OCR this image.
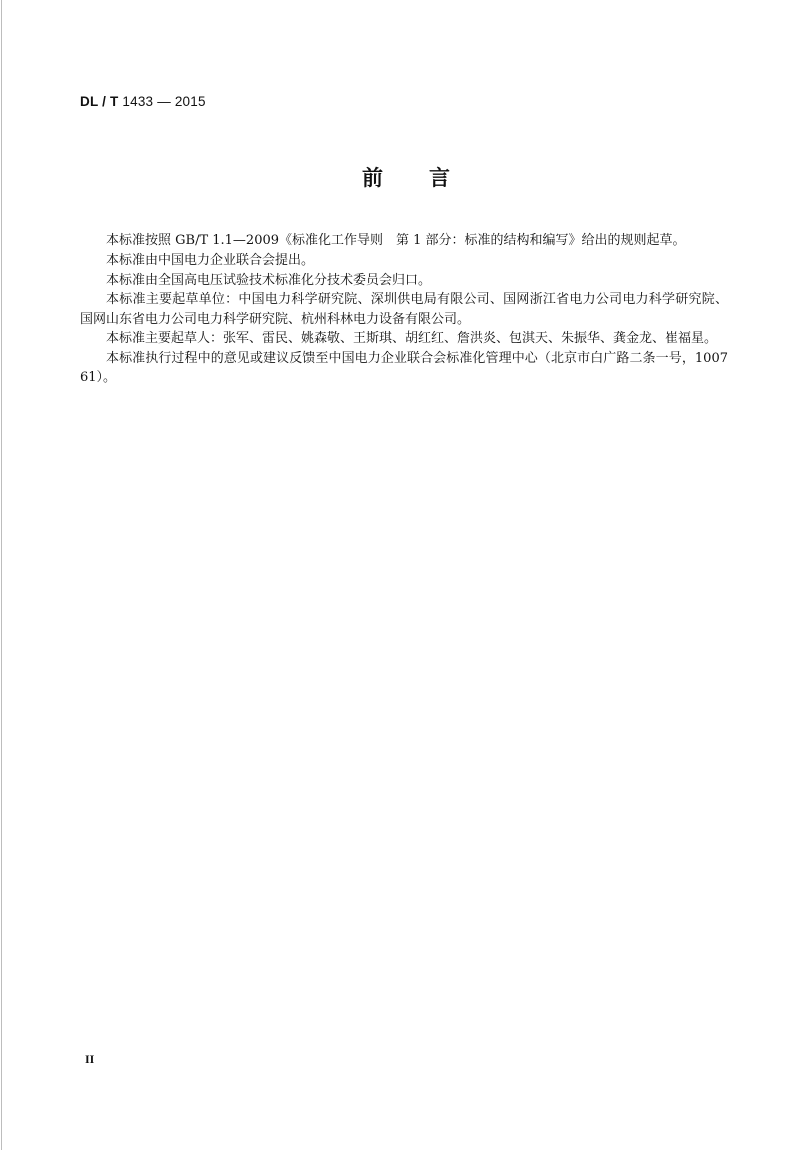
DL / T 1433 — 2015
前 言

本标准按照 GB/T 1.1—2009《标准化工作导则　第 1 部分：标准的结构和编写》给出的规则起草。

本标准由中国电力企业联合会提出。

本标准由全国高电压试验技术标准化分技术委员会归口。

本标准主要起草单位：中国电力科学研究院、深圳供电局有限公司、国网浙江省电力公司电力科学研究院、国网山东省电力公司电力科学研究院、杭州科林电力设备有限公司。

本标准主要起草人：张军、雷民、姚森敬、王斯琪、胡红红、詹洪炎、包淇天、朱振华、龚金龙、崔福星。

本标准执行过程中的意见或建议反馈至中国电力企业联合会标准化管理中心（北京市白广路二条一号，100761）。

II
